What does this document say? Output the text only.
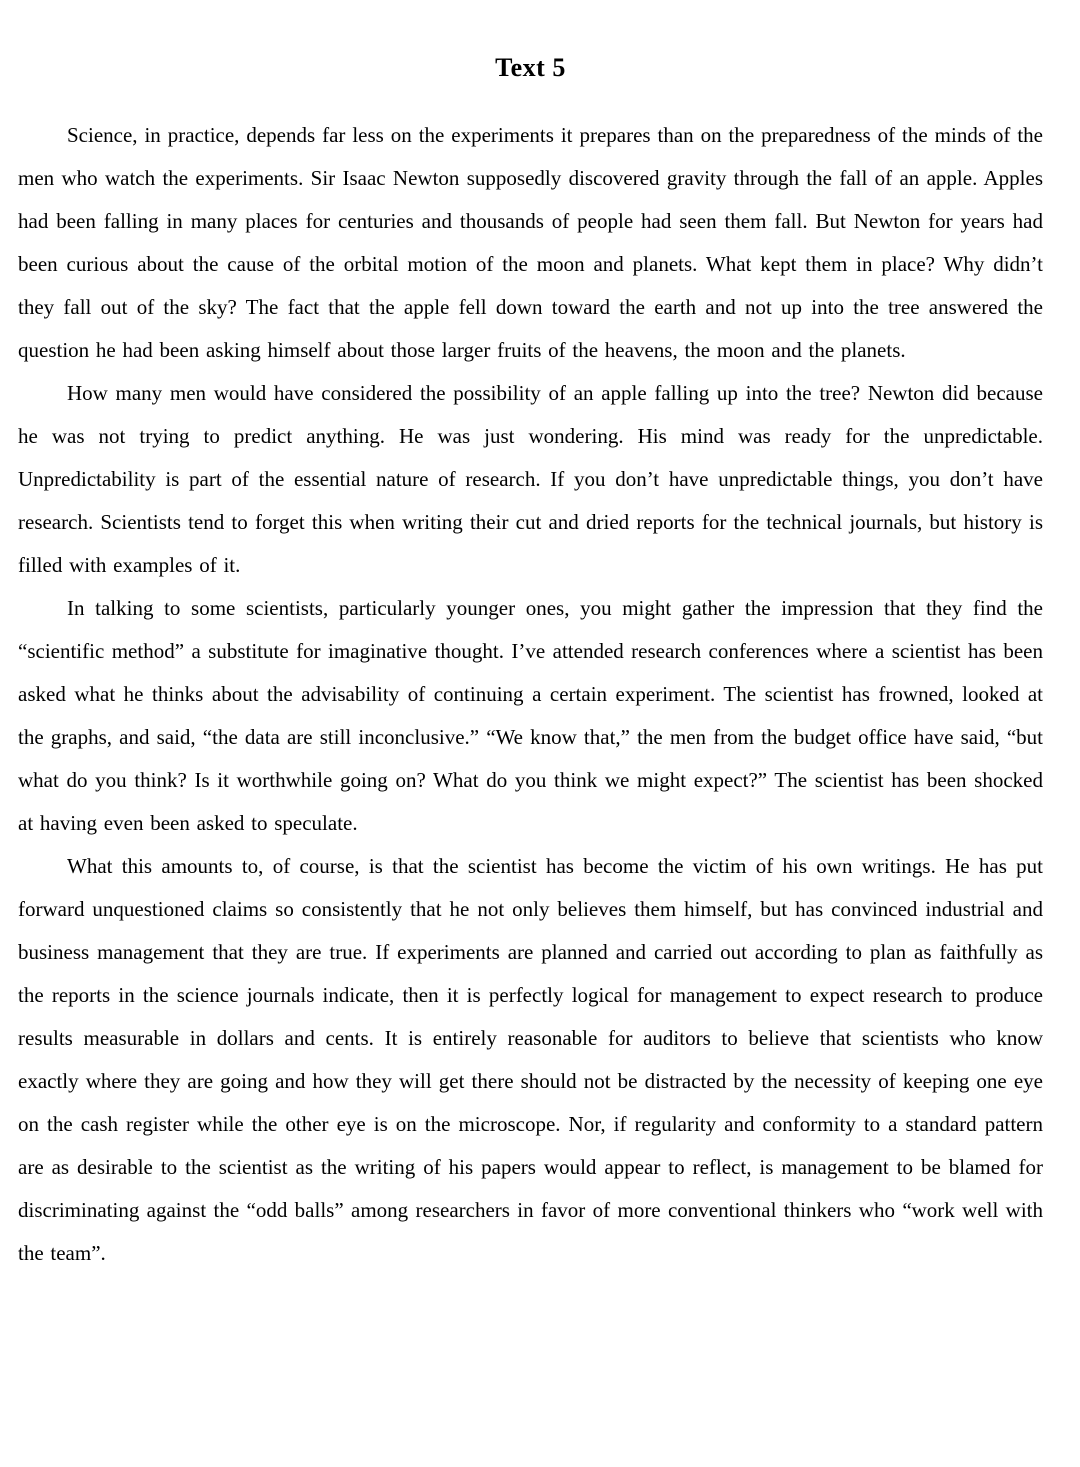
Text 5

Science, in practice, depends far less on the experiments it prepares than on the preparedness of the minds of the men who watch the experiments. Sir Isaac Newton supposedly discovered gravity through the fall of an apple. Apples had been falling in many places for centuries and thousands of people had seen them fall. But Newton for years had been curious about the cause of the orbital motion of the moon and planets. What kept them in place? Why didn’t they fall out of the sky? The fact that the apple fell down toward the earth and not up into the tree answered the question he had been asking himself about those larger fruits of the heavens, the moon and the planets.

How many men would have considered the possibility of an apple falling up into the tree? Newton did because he was not trying to predict anything. He was just wondering. His mind was ready for the unpredictable. Unpredictability is part of the essential nature of research. If you don’t have unpredictable things, you don’t have research. Scientists tend to forget this when writing their cut and dried reports for the technical journals, but history is filled with examples of it.

In talking to some scientists, particularly younger ones, you might gather the impression that they find the “scientific method” a substitute for imaginative thought. I’ve attended research conferences where a scientist has been asked what he thinks about the advisability of continuing a certain experiment. The scientist has frowned, looked at the graphs, and said, “the data are still inconclusive.” “We know that,” the men from the budget office have said, “but what do you think? Is it worthwhile going on? What do you think we might expect?” The scientist has been shocked at having even been asked to speculate.

What this amounts to, of course, is that the scientist has become the victim of his own writings. He has put forward unquestioned claims so consistently that he not only believes them himself, but has convinced industrial and business management that they are true. If experiments are planned and carried out according to plan as faithfully as the reports in the science journals indicate, then it is perfectly logical for management to expect research to produce results measurable in dollars and cents. It is entirely reasonable for auditors to believe that scientists who know exactly where they are going and how they will get there should not be distracted by the necessity of keeping one eye on the cash register while the other eye is on the microscope. Nor, if regularity and conformity to a standard pattern are as desirable to the scientist as the writing of his papers would appear to reflect, is management to be blamed for discriminating against the “odd balls” among researchers in favor of more conventional thinkers who “work well with the team”.
